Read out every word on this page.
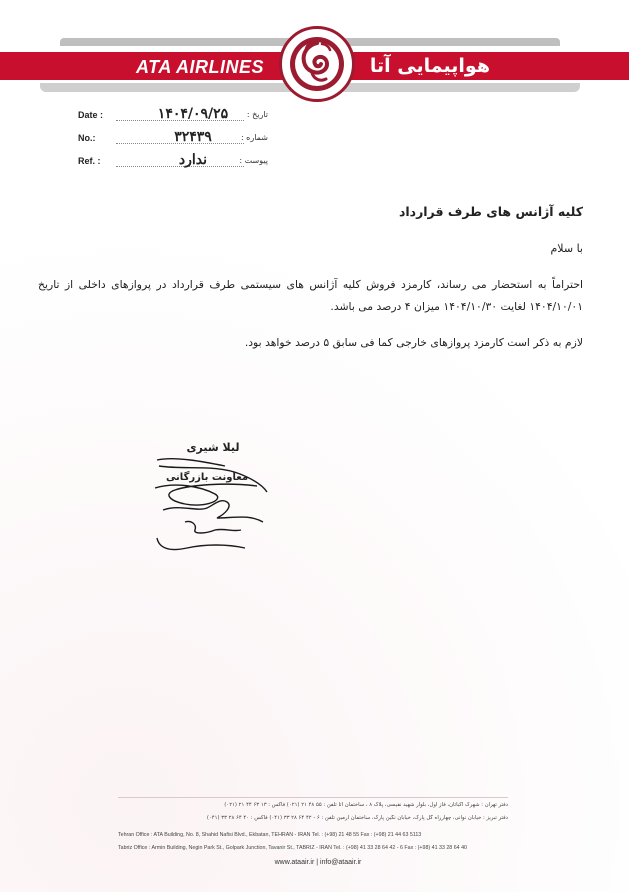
ATA AIRLINES	هواپیمایی آتا
Date :	۱۴۰۴/۰۹/۲۵	تاریخ :
No.:	۳۲۴۳۹	شماره :
Ref. :	ندارد	پیوست :
کلیه آژانس های طرف قرارداد
با سلام
احتراماً به استحضار می رساند، کارمزد فروش کلیه آژانس های سیستمی طرف قرارداد در پروازهای داخلی از تاریخ ۱۴۰۴/۱۰/۰۱ لغایت ۱۴۰۴/۱۰/۳۰ میزان ۴ درصد می باشد.
لازم به ذکر است کارمزد پروازهای خارجی کما فی سابق ۵ درصد خواهد بود.
لیلا شیری
معاونت بازرگانی
دفتر تهران : شهرک اکباتان، فاز اول، بلوار شهید نفیسی، پلاک ۸ ، ساختمان آتا تلفن : ۵۵ ۴۸ ۲۱ (۰۲۱) فاکس : ۱۳ ۶۳ ۴۴ ۲۱ (۰۲۱)
دفتر تبریز : خیابان نوانی، چهارراه گل پارک، خیابان نگین پارک، ساختمان آرمین تلفن : ۶ - ۴۲ ۶۴ ۲۸ ۳۳ (۰۴۱) فاکس : ۴۰ ۶۴ ۲۸ ۳۳ (۰۴۱)
Tehran Office : ATA Building, No. 8, Shahid Nafisi Blvd., Ekbatan, TEHRAN - IRAN Tel. : (+98) 21 48 55 Fax : (+98) 21 44 63 5113
Tabriz Office : Armin Building, Negin Park St., Golpark Junction, Tavanir St., TABRIZ - IRAN Tel. : (+98) 41 33 28 64 42 - 6 Fax : (+98) 41 33 28 64 40
www.ataair.ir | info@ataair.ir
